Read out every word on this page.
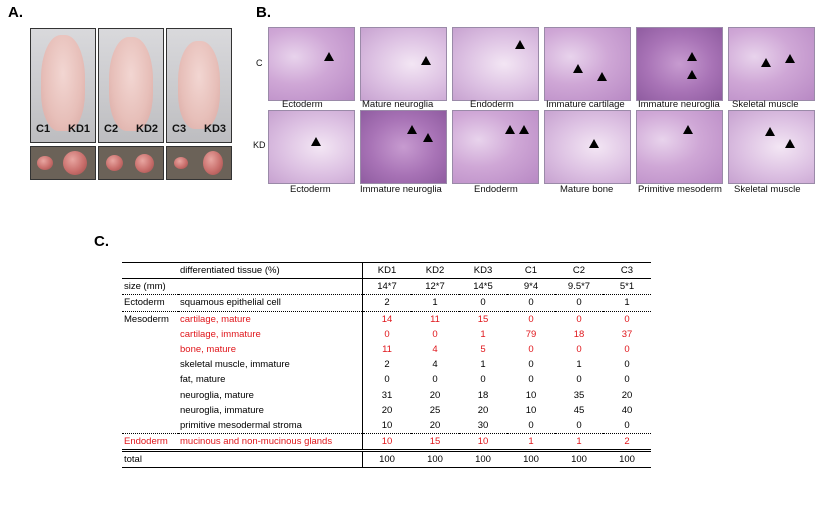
A.
C1 KD1 C2 KD2 C3 KD3
B.
C
KD
Ectoderm	Mature neuroglia	Endoderm	Immature cartilage Immature neuroglia Skeletal muscle
Ectoderm	Immature neuroglia	Endoderm	Mature bone	Primitive mesoderm Skeletal muscle
C.
	differentiated tissue (%)	KD1	KD2	KD3	C1	C2	C3
size (mm)		14*7	12*7	14*5	9*4	9.5*7	5*1
Ectoderm	squamous epithelial cell	2	1	0	0	0	1
Mesoderm	cartilage, mature	14	11	15	0	0	0
	cartilage, immature	0	0	1	79	18	37
	bone, mature	11	4	5	0	0	0
	skeletal muscle, immature	2	4	1	0	1	0
	fat, mature	0	0	0	0	0	0
	neuroglia, mature	31	20	18	10	35	20
	neuroglia, immature	20	25	20	10	45	40
	primitive mesodermal stroma	10	20	30	0	0	0
Endoderm	mucinous and non-mucinous glands	10	15	10	1	1	2
total		100	100	100	100	100	100
